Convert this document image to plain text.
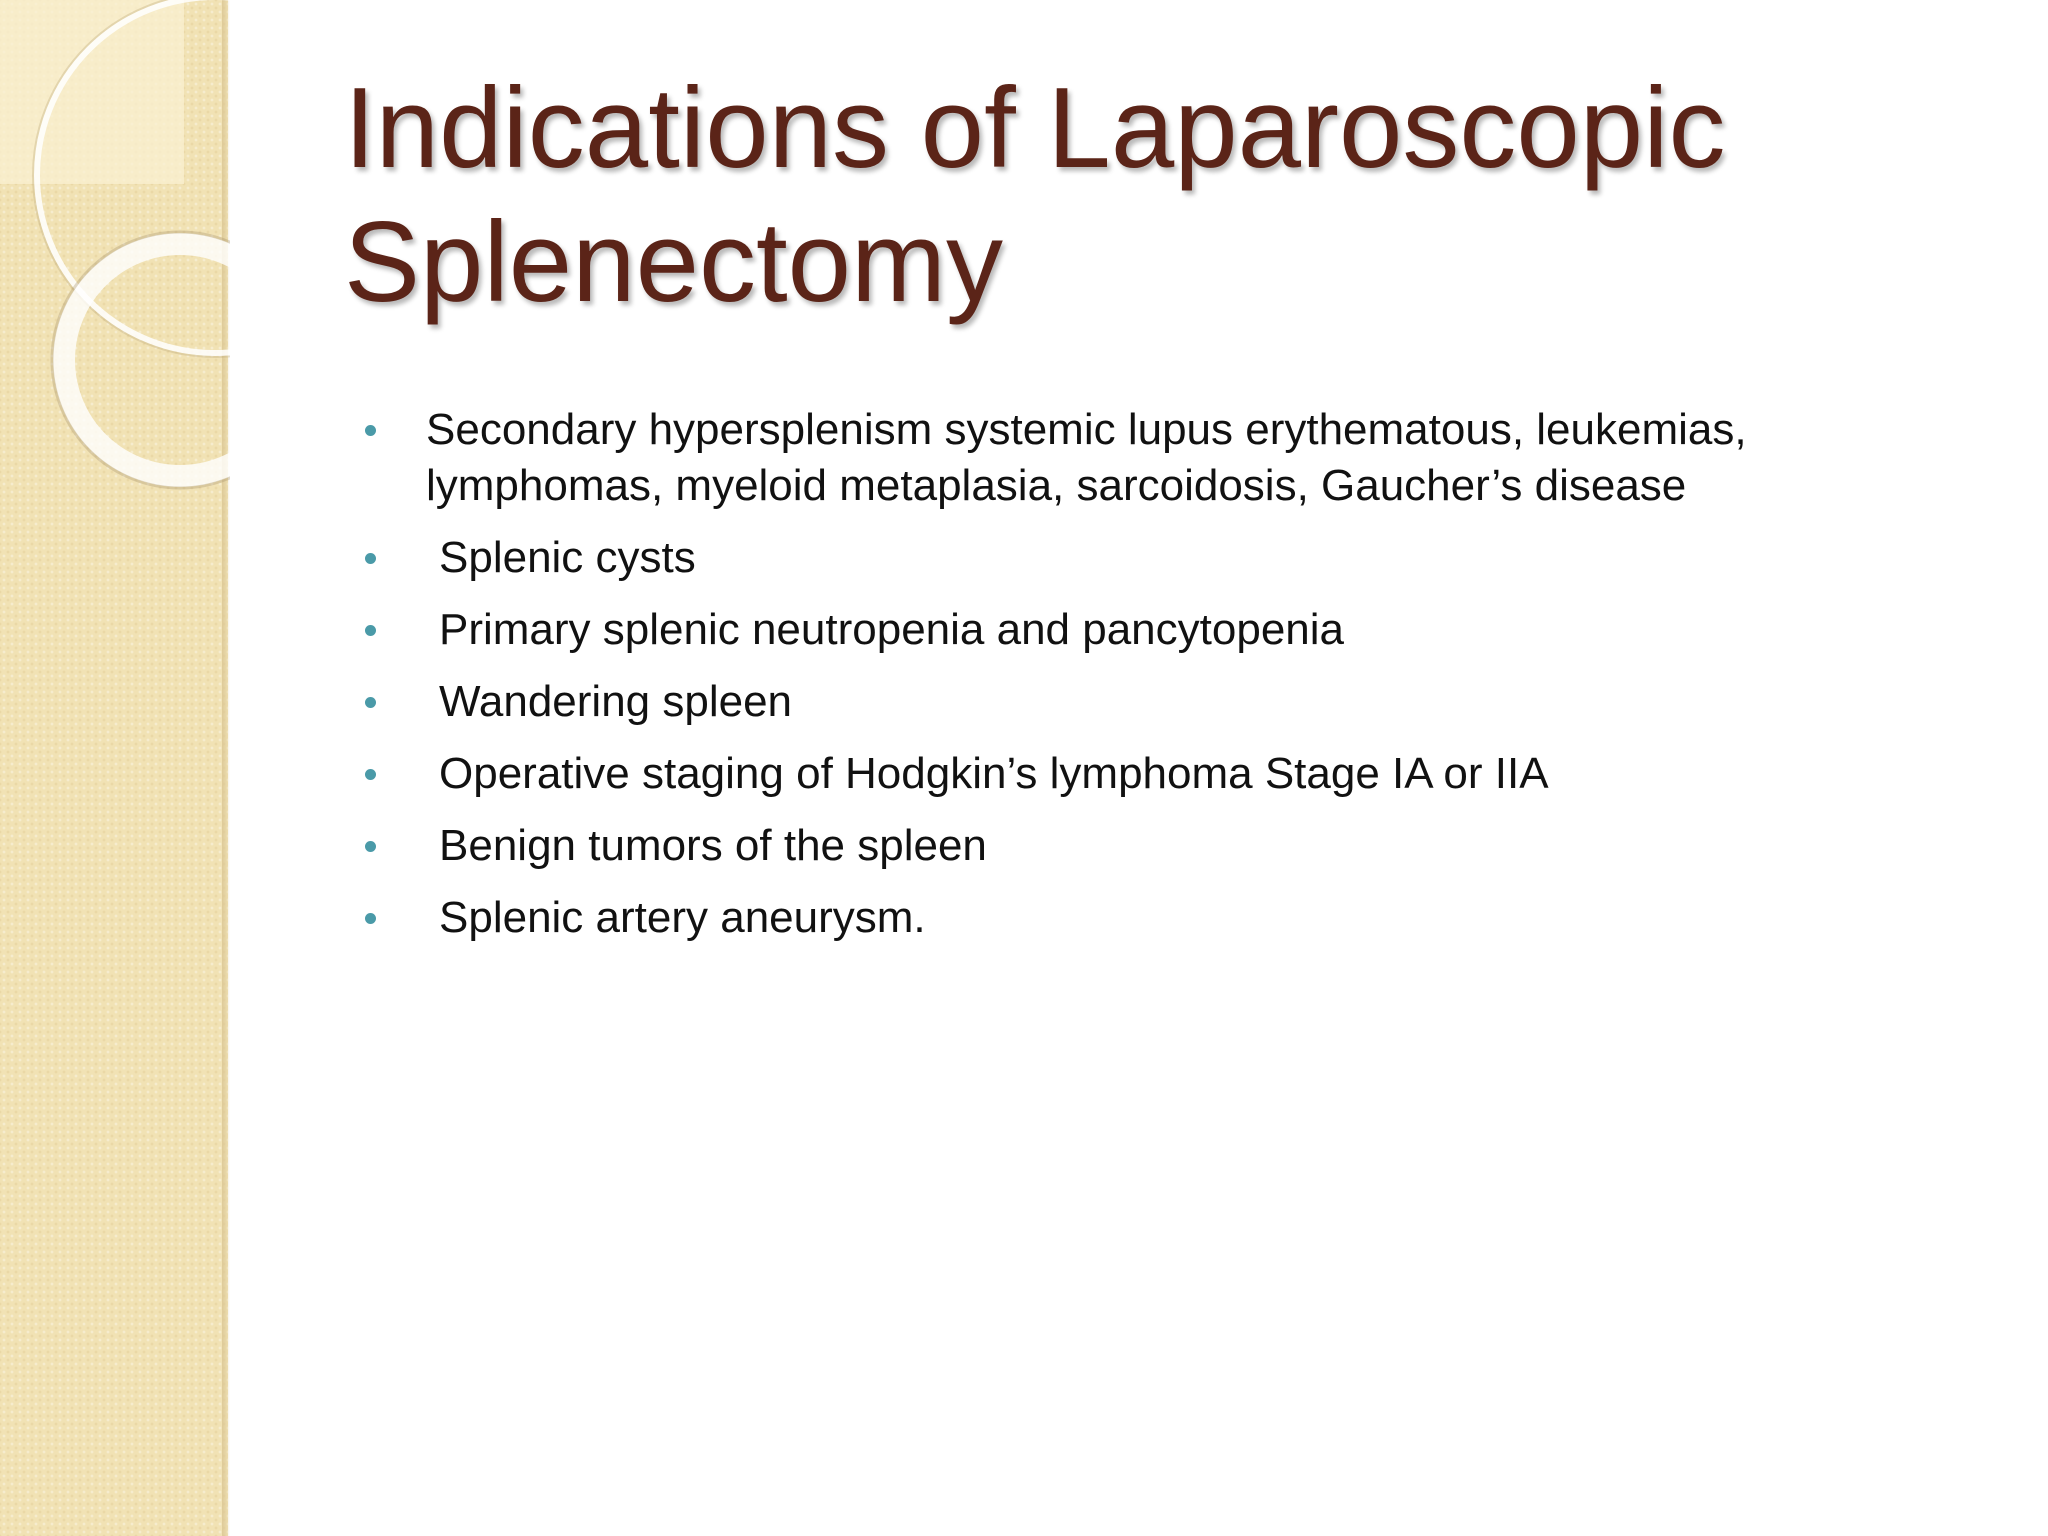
Indications of Laparoscopic
Splenectomy
Secondary hypersplenism systemic lupus erythematous, leukemias, lymphomas, myeloid metaplasia, sarcoidosis, Gaucher’s disease
Splenic cysts
Primary splenic neutropenia and pancytopenia
Wandering spleen
Operative staging of Hodgkin’s lymphoma Stage IA or IIA
Benign tumors of the spleen
Splenic artery aneurysm.
